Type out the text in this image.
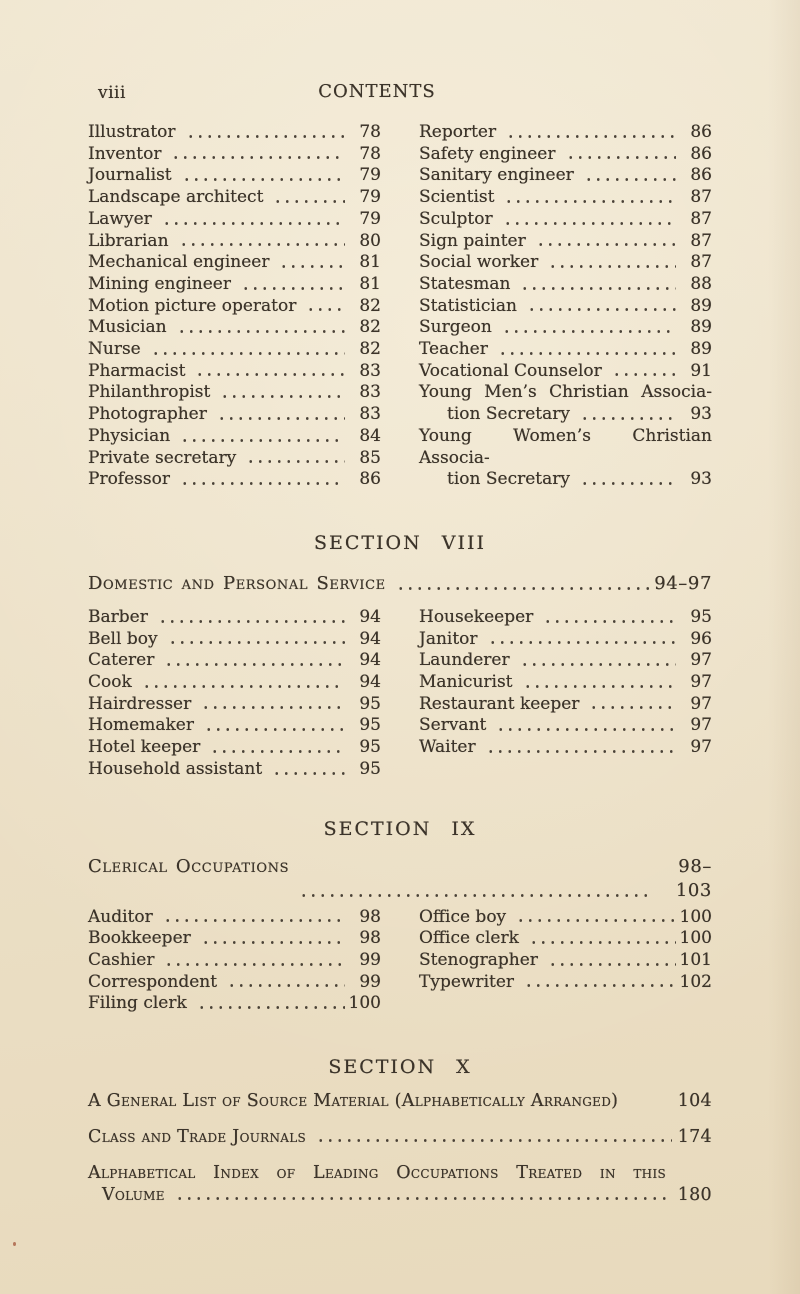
viii	CONTENTS
Illustrator	78
Inventor	78
Journalist	79
Landscape architect	79
Lawyer	79
Librarian	80
Mechanical engineer	81
Mining engineer	81
Motion picture operator	82
Musician	82
Nurse	82
Pharmacist	83
Philanthropist	83
Photographer	83
Physician	84
Private secretary	85
Professor	86
Reporter	86
Safety engineer	86
Sanitary engineer	86
Scientist	87
Sculptor	87
Sign painter	87
Social worker	87
Statesman	88
Statistician	89
Surgeon	89
Teacher	89
Vocational Counselor	91
Young Men’s Christian Associa-
tion Secretary	93
Young Women’s Christian Associa-
tion Secretary	93
SECTION VIII
Domestic and Personal Service	94–97
Barber	94
Bell boy	94
Caterer	94
Cook	94
Hairdresser	95
Homemaker	95
Hotel keeper	95
Household assistant	95
Housekeeper	95
Janitor	96
Launderer	97
Manicurist	97
Restaurant keeper	97
Servant	97
Waiter	97
SECTION IX
Clerical Occupations	98–103
Auditor	98
Bookkeeper	98
Cashier	99
Correspondent	99
Filing clerk	100
Office boy	100
Office clerk	100
Stenographer	101
Typewriter	102
SECTION X
A General List of Source Material (Alphabetically Arranged)	104
Class and Trade Journals	174
Alphabetical Index of Leading Occupations Treated in this
Volume	180
